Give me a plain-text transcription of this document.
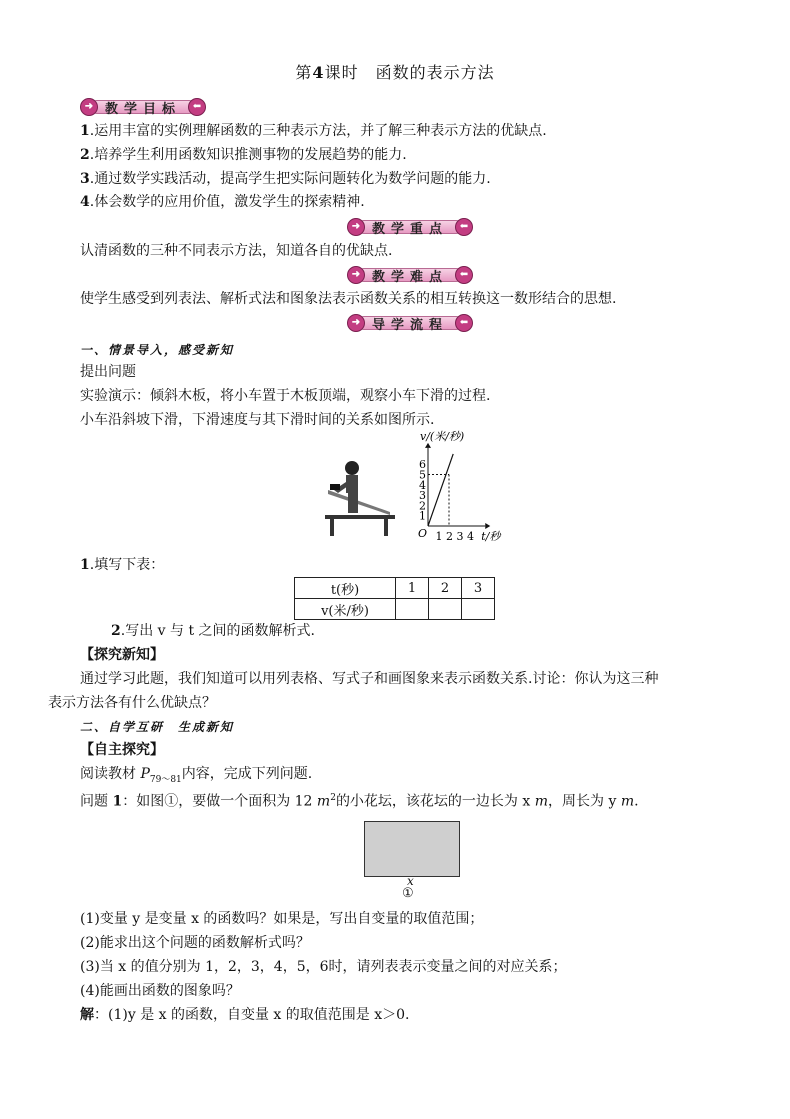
第4课时　函数的表示方法
➜	⬅
教学目标
1.运用丰富的实例理解函数的三种表示方法，并了解三种表示方法的优缺点.
2.培养学生利用函数知识推测事物的发展趋势的能力.
3.通过数学实践活动，提高学生把实际问题转化为数学问题的能力.
4.体会数学的应用价值，激发学生的探索精神.
➜	⬅
教学重点
认清函数的三种不同表示方法，知道各自的优缺点.
➜	⬅
教学难点
使学生感受到列表法、解析式法和图象法表示函数关系的相互转换这一数形结合的思想.
➜	⬅
导学流程
一、情景导入，感受新知
提出问题
实验演示：倾斜木板，将小车置于木板顶端，观察小车下滑的过程.
小车沿斜坡下滑，下滑速度与其下滑时间的关系如图所示.
v/(米/秒)
t/秒
O 1 2 3 4
1
2
3
4
5
6
1.填写下表：
t(秒)	1	2	3
v(米/秒)			
2.写出 v 与 t 之间的函数解析式.
【探究新知】
通过学习此题，我们知道可以用列表格、写式子和画图象来表示函数关系.讨论：你认为这三种
表示方法各有什么优缺点？
二、自学互研　生成新知
【自主探究】
阅读教材 $P_{79\sim 81}$内容，完成下列问题.
问题 1：如图①，要做一个面积为 12 $m^2$的小花坛，该花坛的一边长为 x m，周长为 y m.
x
①
(1)变量 y 是变量 x 的函数吗？如果是，写出自变量的取值范围；
(2)能求出这个问题的函数解析式吗？
(3)当 x 的值分别为 1，2，3，4，5，6时，请列表表示变量之间的对应关系；
(4)能画出函数的图象吗？
解：(1)y 是 x 的函数，自变量 x 的取值范围是 x＞0.
